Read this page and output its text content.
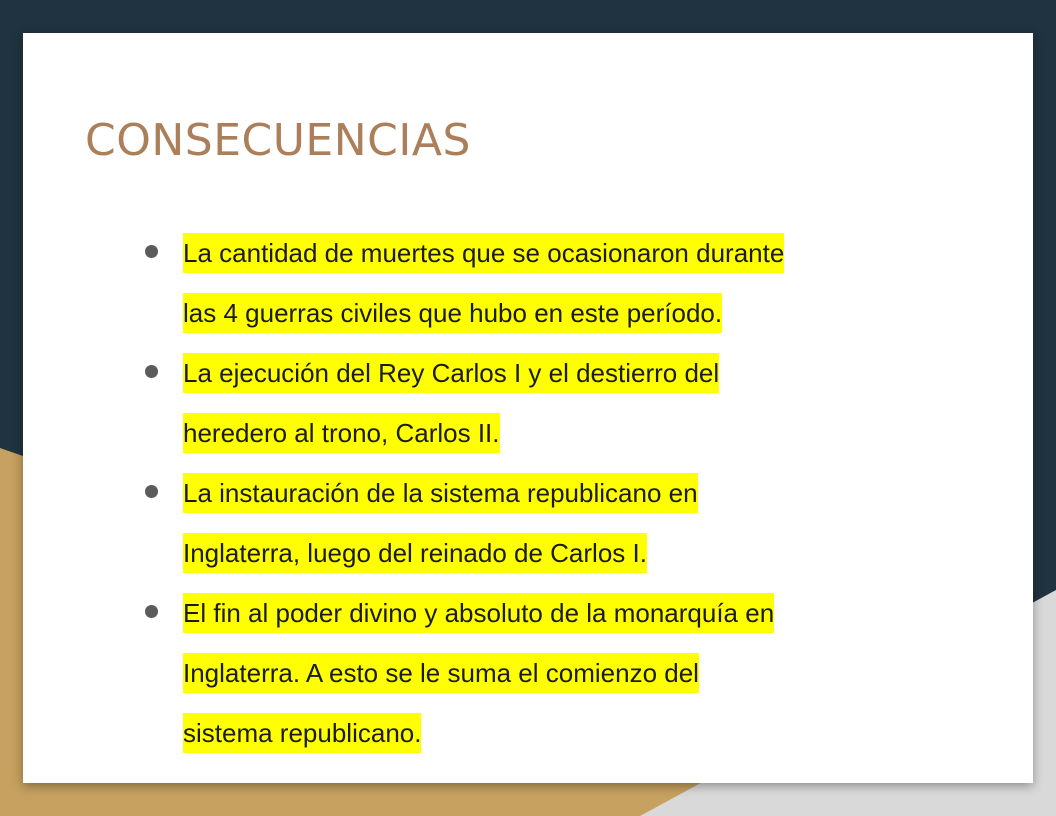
CONSECUENCIAS
La cantidad de muertes que se ocasionaron durante
las 4 guerras civiles que hubo en este período.
La ejecución del Rey Carlos I y el destierro del
heredero al trono, Carlos II.
La instauración de la sistema republicano en
Inglaterra, luego del reinado de Carlos I.
El fin al poder divino y absoluto de la monarquía en
Inglaterra. A esto se le suma el comienzo del
sistema republicano.
